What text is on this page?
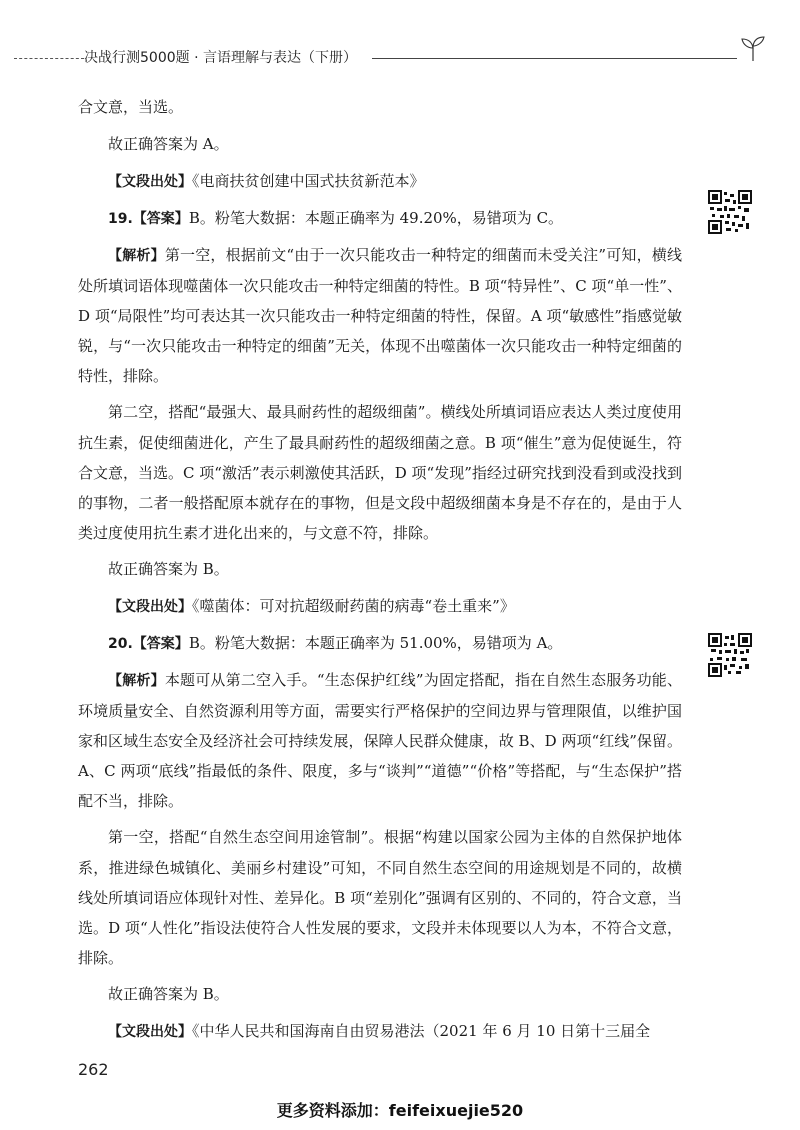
决战行测5000题 · 言语理解与表达（下册）

合文意，当选。

故正确答案为 A。

【文段出处】《电商扶贫创建中国式扶贫新范本》

19.【答案】B。粉笔大数据：本题正确率为 49.20%，易错项为 C。

【解析】第一空，根据前文“由于一次只能攻击一种特定的细菌而未受关注”可知，横线处所填词语体现噬菌体一次只能攻击一种特定细菌的特性。B 项“特异性”、C 项“单一性”、D 项“局限性”均可表达其一次只能攻击一种特定细菌的特性，保留。A 项“敏感性”指感觉敏锐，与“一次只能攻击一种特定的细菌”无关，体现不出噬菌体一次只能攻击一种特定细菌的特性，排除。

第二空，搭配“最强大、最具耐药性的超级细菌”。横线处所填词语应表达人类过度使用抗生素，促使细菌进化，产生了最具耐药性的超级细菌之意。B 项“催生”意为促使诞生，符合文意，当选。C 项“激活”表示刺激使其活跃，D 项“发现”指经过研究找到没看到或没找到的事物，二者一般搭配原本就存在的事物，但是文段中超级细菌本身是不存在的，是由于人类过度使用抗生素才进化出来的，与文意不符，排除。

故正确答案为 B。

【文段出处】《噬菌体：可对抗超级耐药菌的病毒“卷土重来”》

20.【答案】B。粉笔大数据：本题正确率为 51.00%，易错项为 A。

【解析】本题可从第二空入手。“生态保护红线”为固定搭配，指在自然生态服务功能、环境质量安全、自然资源利用等方面，需要实行严格保护的空间边界与管理限值，以维护国家和区域生态安全及经济社会可持续发展，保障人民群众健康，故 B、D 两项“红线”保留。A、C 两项“底线”指最低的条件、限度，多与“谈判”“道德”“价格”等搭配，与“生态保护”搭配不当，排除。

第一空，搭配“自然生态空间用途管制”。根据“构建以国家公园为主体的自然保护地体系，推进绿色城镇化、美丽乡村建设”可知，不同自然生态空间的用途规划是不同的，故横线处所填词语应体现针对性、差异化。B 项“差别化”强调有区别的、不同的，符合文意，当选。D 项“人性化”指设法使符合人性发展的要求，文段并未体现要以人为本，不符合文意，排除。

故正确答案为 B。

【文段出处】《中华人民共和国海南自由贸易港法（2021 年 6 月 10 日第十三届全

262
更多资料添加：feifeixuejie520
